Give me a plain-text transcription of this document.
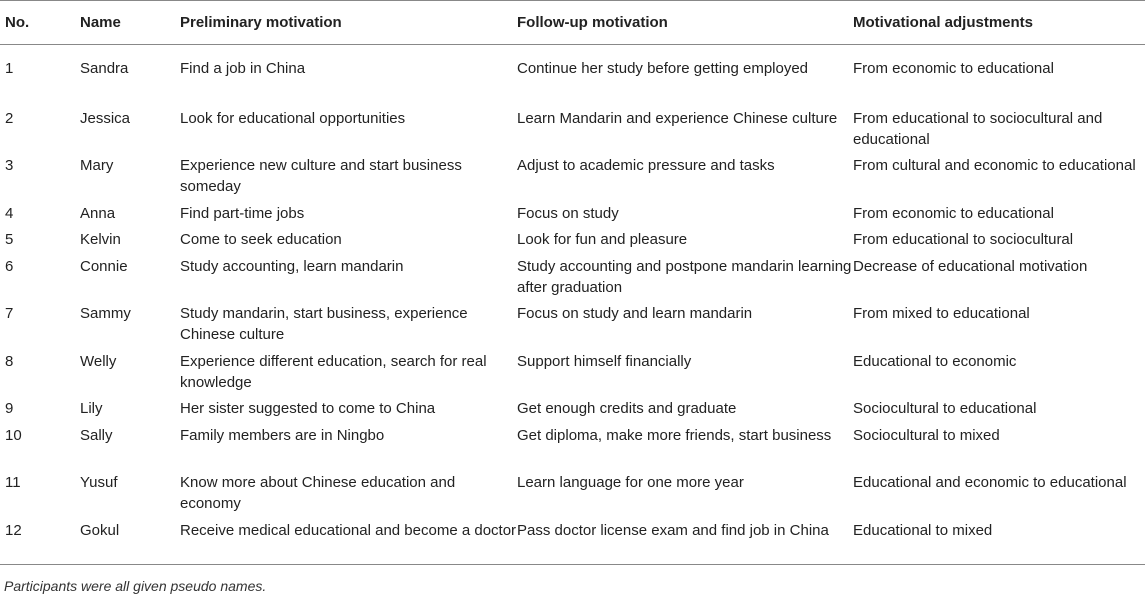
No.	Name	Preliminary motivation	Follow-up motivation	Motivational adjustments
1	Sandra	Find a job in China	Continue her study before getting employed	From economic to educational
2	Jessica	Look for educational opportunities	Learn Mandarin and experience Chinese culture	From educational to sociocultural and educational
3	Mary	Experience new culture and start business someday	Adjust to academic pressure and tasks	From cultural and economic to educational
4	Anna	Find part-time jobs	Focus on study	From economic to educational
5	Kelvin	Come to seek education	Look for fun and pleasure	From educational to sociocultural
6	Connie	Study accounting, learn mandarin	Study accounting and postpone mandarin learning after graduation	Decrease of educational motivation
7	Sammy	Study mandarin, start business, experience Chinese culture	Focus on study and learn mandarin	From mixed to educational
8	Welly	Experience different education, search for real knowledge	Support himself financially	Educational to economic
9	Lily	Her sister suggested to come to China	Get enough credits and graduate	Sociocultural to educational
10	Sally	Family members are in Ningbo	Get diploma, make more friends, start business	Sociocultural to mixed
11	Yusuf	Know more about Chinese education and economy	Learn language for one more year	Educational and economic to educational
12	Gokul	Receive medical educational and become a doctor	Pass doctor license exam and find job in China	Educational to mixed
Participants were all given pseudo names.
